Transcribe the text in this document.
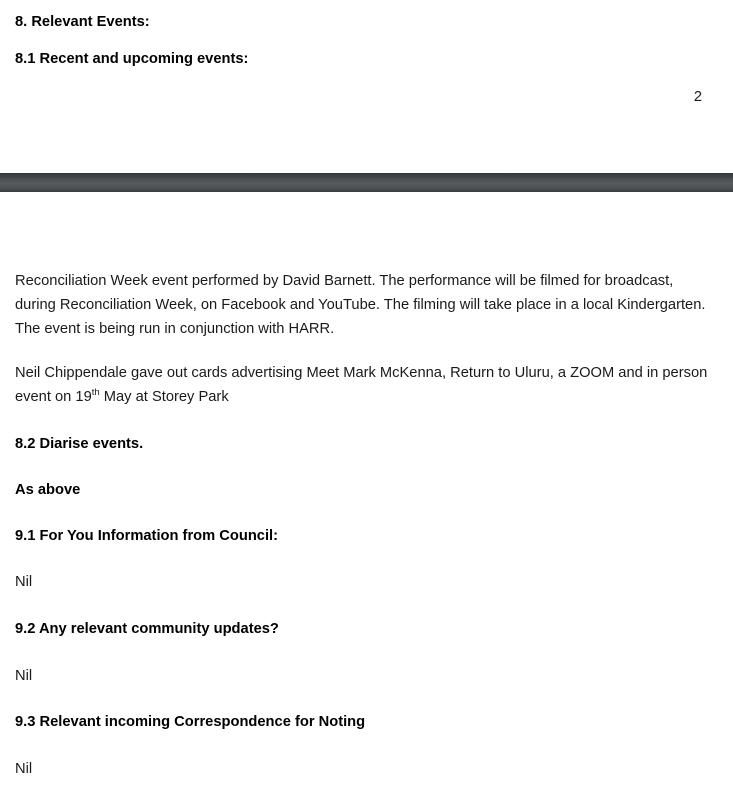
8. Relevant Events:
8.1 Recent and upcoming events:
2
Reconciliation Week event performed by David Barnett. The performance will be filmed for broadcast, during Reconciliation Week, on Facebook and YouTube. The filming will take place in a local Kindergarten. The event is being run in conjunction with HARR.
Neil Chippendale gave out cards advertising Meet Mark McKenna, Return to Uluru, a ZOOM and in person event on 19th May at Storey Park
8.2 Diarise events.
As above
9.1 For You Information from Council:
Nil
9.2 Any relevant community updates?
Nil
9.3 Relevant incoming Correspondence for Noting
Nil
